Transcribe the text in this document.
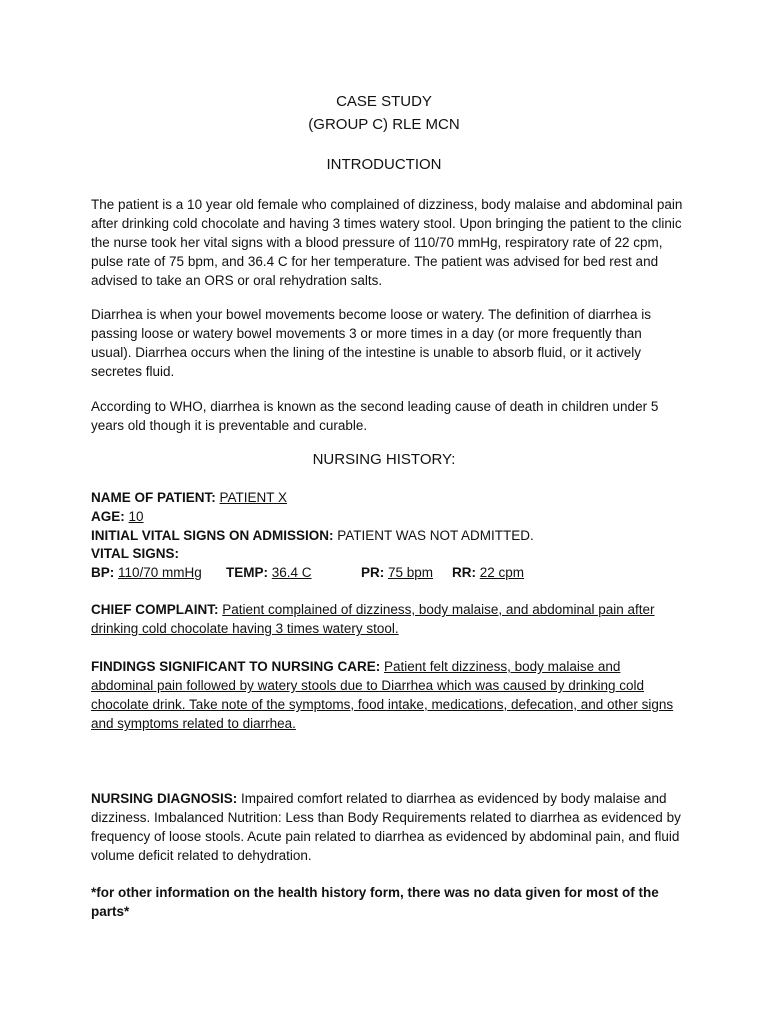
CASE STUDY
(GROUP C) RLE MCN
INTRODUCTION

The patient is a 10 year old female who complained of dizziness, body malaise and abdominal pain after drinking cold chocolate and having 3 times watery stool. Upon bringing the patient to the clinic the nurse took her vital signs with a blood pressure of 110/70 mmHg, respiratory rate of 22 cpm, pulse rate of 75 bpm, and 36.4 C for her temperature. The patient was advised for bed rest and advised to take an ORS or oral rehydration salts.

Diarrhea is when your bowel movements become loose or watery. The definition of diarrhea is passing loose or watery bowel movements 3 or more times in a day (or more frequently than usual). Diarrhea occurs when the lining of the intestine is unable to absorb fluid, or it actively secretes fluid.

According to WHO, diarrhea is known as the second leading cause of death in children under 5 years old though it is preventable and curable.

NURSING HISTORY:
NAME OF PATIENT: PATIENT X
AGE: 10
INITIAL VITAL SIGNS ON ADMISSION: PATIENT WAS NOT ADMITTED.
VITAL SIGNS:
BP: 110/70 mmHg TEMP: 36.4 C	PR: 75 bpm RR: 22 cpm

CHIEF COMPLAINT: Patient complained of dizziness, body malaise, and abdominal pain after drinking cold chocolate having 3 times watery stool.

FINDINGS SIGNIFICANT TO NURSING CARE: Patient felt dizziness, body malaise and abdominal pain followed by watery stools due to Diarrhea which was caused by drinking cold chocolate drink. Take note of the symptoms, food intake, medications, defecation, and other signs and symptoms related to diarrhea.

NURSING DIAGNOSIS: Impaired comfort related to diarrhea as evidenced by body malaise and dizziness. Imbalanced Nutrition: Less than Body Requirements related to diarrhea as evidenced by frequency of loose stools. Acute pain related to diarrhea as evidenced by abdominal pain, and fluid volume deficit related to dehydration.

*for other information on the health history form, there was no data given for most of the parts*
